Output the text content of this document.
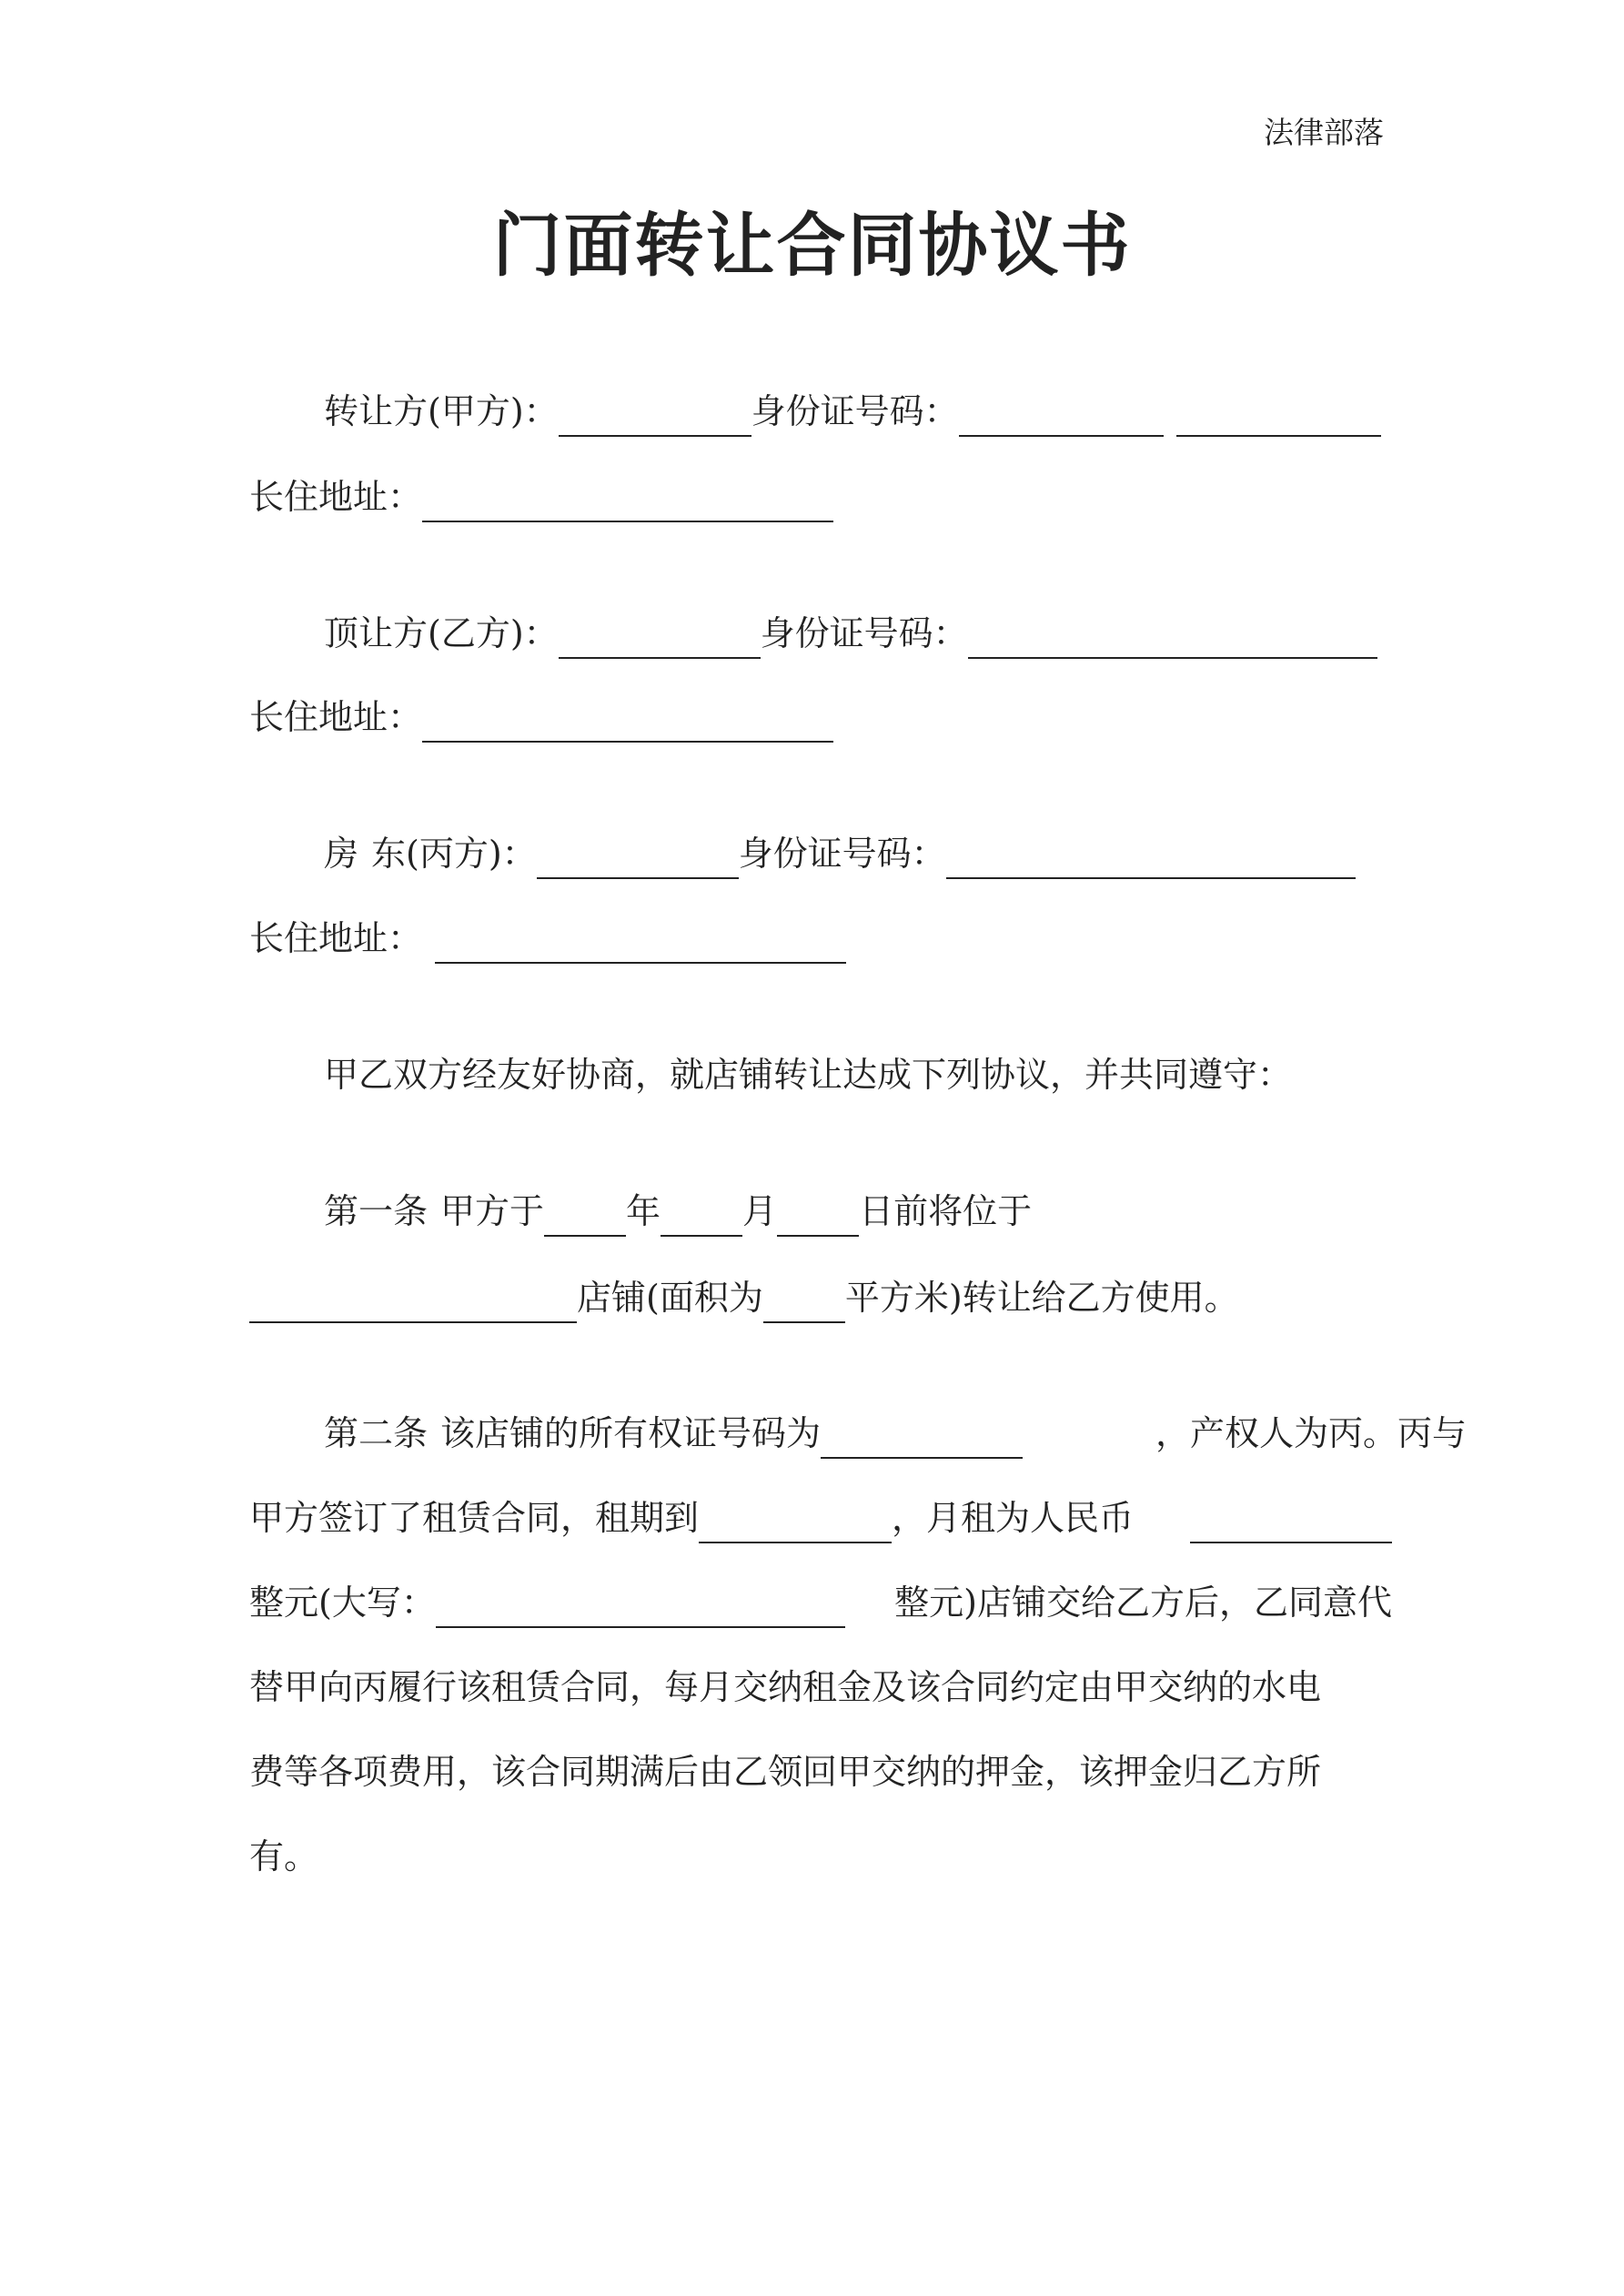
法律部落
门面转让合同协议书
转让方(甲方)：	身份证号码：
长住地址：
顶让方(乙方)：	身份证号码：
长住地址：
房 东(丙方)：	身份证号码：
长住地址：
甲乙双方经友好协商，就店铺转让达成下列协议，并共同遵守：
第一条 甲方于 年 月 日前将位于
店铺(面积为 平方米)转让给乙方使用。
第二条 该店铺的所有权证号码为	，产权人为丙。丙与
甲方签订了租赁合同，租期到	，月租为人民币
整元(大写：	整元)店铺交给乙方后，乙同意代
替甲向丙履行该租赁合同，每月交纳租金及该合同约定由甲交纳的水电
费等各项费用，该合同期满后由乙领回甲交纳的押金，该押金归乙方所
有。
